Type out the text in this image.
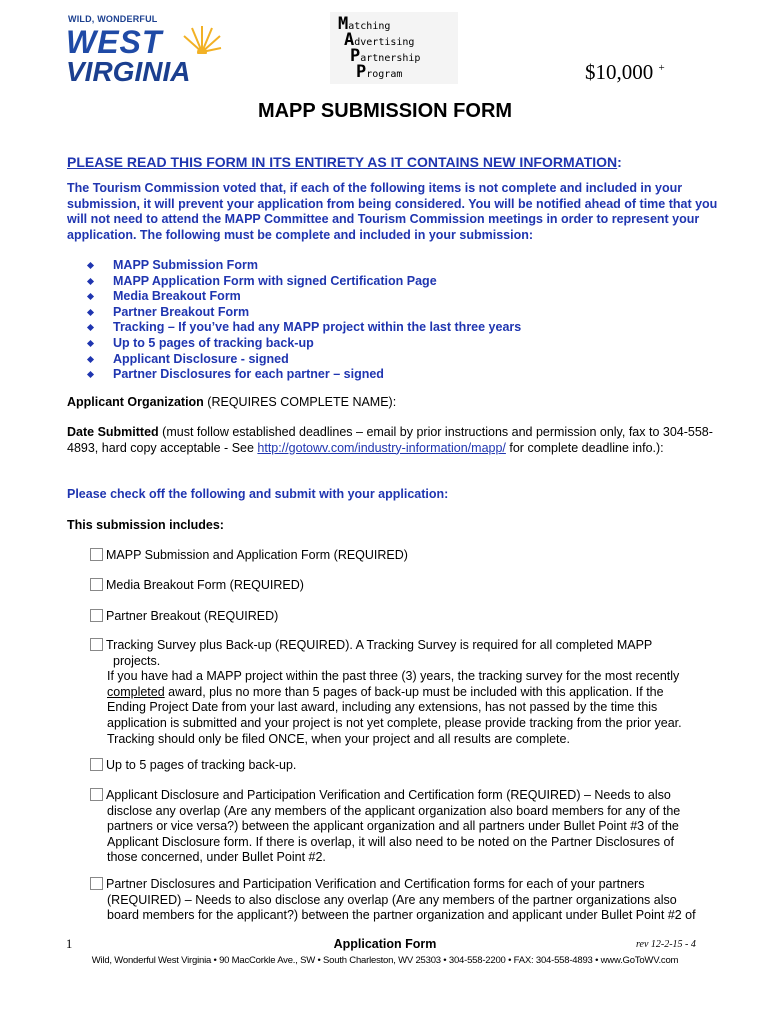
WILD, WONDERFUL
WEST
VIRGINIA
Matching
Advertising
Partnership
Program	$10,000 +
MAPP SUBMISSION FORM
PLEASE READ THIS FORM IN ITS ENTIRETY AS IT CONTAINS NEW INFORMATION:
The Tourism Commission voted that, if each of the following items is not complete and included in your submission, it will prevent your application from being considered. You will be notified ahead of time that you will not need to attend the MAPP Committee and Tourism Commission meetings in order to represent your application. The following must be complete and included in your submission:
MAPP Submission Form
MAPP Application Form with signed Certification Page
Media Breakout Form
Partner Breakout Form
Tracking – If you’ve had any MAPP project within the last three years
Up to 5 pages of tracking back-up
Applicant Disclosure - signed
Partner Disclosures for each partner – signed
Applicant Organization (REQUIRES COMPLETE NAME):
Date Submitted (must follow established deadlines – email by prior instructions and permission only, fax to 304-558-4893, hard copy acceptable - See http://gotowv.com/industry-information/mapp/ for complete deadline info.):
Please check off the following and submit with your application:
This submission includes:
MAPP Submission and Application Form (REQUIRED)
Media Breakout Form (REQUIRED)
Partner Breakout (REQUIRED)
Tracking Survey plus Back-up (REQUIRED). A Tracking Survey is required for all completed MAPP
projects.
If you have had a MAPP project within the past three (3) years, the tracking survey for the most recently completed award, plus no more than 5 pages of back-up must be included with this application. If the Ending Project Date from your last award, including any extensions, has not passed by the time this application is submitted and your project is not yet complete, please provide tracking from the prior year. Tracking should only be filed ONCE, when your project and all results are complete.
Up to 5 pages of tracking back-up.
Applicant Disclosure and Participation Verification and Certification form (REQUIRED) – Needs to also
disclose any overlap (Are any members of the applicant organization also board members for any of the partners or vice versa?) between the applicant organization and all partners under Bullet Point #3 of the Applicant Disclosure form. If there is overlap, it will also need to be noted on the Partner Disclosures of those concerned, under Bullet Point #2.
Partner Disclosures and Participation Verification and Certification forms for each of your partners
(REQUIRED) – Needs to also disclose any overlap (Are any members of the partner organizations also board members for the applicant?) between the partner organization and applicant under Bullet Point #2 of
1	Application Form	rev 12-2-15 - 4
Wild, Wonderful West Virginia • 90 MacCorkle Ave., SW • South Charleston, WV 25303 • 304-558-2200 • FAX: 304-558-4893 • www.GoToWV.com
